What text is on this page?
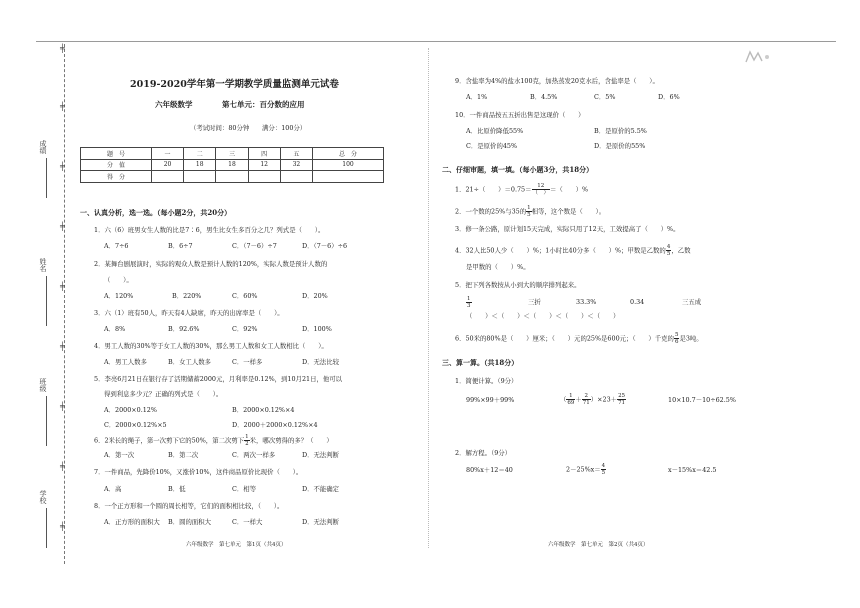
成绩
姓名
班级
学校
╪
╪
╪
╪
╪
╪
╪
╪
╪
2019-2020学年第一学期教学质量监测单元试卷
六年级数学	第七单元：百分数的应用
（考试时间：80分钟　　满分：100分）
题　号	一	二	三	四	五	总　分
分　值	20	18	18	12	32	100
得　分						
一、认真分析，选一选。（每小题2分，共20分）
1．六（6）班男女生人数的比是7∶6，男生比女生多百分之几？列式是（　　）。
A．7÷6	B．6÷7	C．（7－6）÷7	D．（7－6）÷6
2．某舞台剧展演时，实际的观众人数是预计人数的120%，实际人数是预计人数的
（　　）。
A．120%	B．220%	C．60%	D．20%
3．六（1）班有50人，昨天有4人缺席，昨天的出席率是（　　）。
A．8%	B．92.6%	C．92%	D．100%
4．男工人数的30%等于女工人数的30%，那么男工人数和女工人数相比（　　）。
A．男工人数多	B．女工人数多	C．一样多	D．无法比较
5．李亮6月21日在银行存了活期储蓄2000元，月利率是0.12%，到10月21日，他可以
得到利息多少元？正确的列式是（　　）。
A．2000×0.12%	B．2000×0.12%×4
C．2000×0.12%×5	D．2000＋2000×0.12%×4
6．2米长的绳子，第一次剪下它的50%，第二次剪下 $\frac{1}{2}$ 米，哪次剪得的多？（　　）
A．第一次	B．第二次	C．两次一样多	D．无法判断
7．一件商品，先降价10%，又涨价10%，这件商品原价比现价（　　）。
A．高	B．低	C．相等	D．不能确定
8．一个正方形和一个圆的周长相等，它们的面积相比较，（　　）。
A．正方形的面积大 B．圆的面积大	C．一样大	D．无法判断
六年级数学　第七单元　第1页（共4页）
9．含盐率为4%的盐水100克，加热蒸发20克水后，含盐率是（　　）。
A．1%	B．4.5%	C．5%	D．6%
10．一件商品按五五折出售是这现价（　　）
A．比原价降低55%	B．是原价的5.5%
C．是原价的45%	D．是原价的55%
二、仔细审题，填一填。（每小题3分，共18分）
1．21÷（　　）$=0.75= \frac{12}{( )}$ ＝（　　）%
2．一个数的25%与35的 $\frac{1}{5}$ 相等，这个数是（　　）。
3．修一条公路，原计划15天完成，实际只用了12天，工效提高了（　　）%。
4．32人比50人少（　　）%；1小时比40分多（　　）%；甲数是乙数的 $\frac{4}{5}$ ，乙数
是甲数的（　　）%。
5．把下列各数按从小到大的顺序排列起来。
$\frac{1}{3}$	三折	33.3%	0.34	三五成
（　　）＜（　　）＜（　　）＜（　　）＜（　　）
6．50米的80%是（　　）厘米；（　　）元的25%是600元；（　　）千克的 $\frac{5}{6}$ 是3吨。
三、算一算。（共18分）
1．简便计算。（9分）
99%×99＋99%	（ $\frac{1}{69} + \frac{2}{71} )\times 23+ \frac{25}{71}$	10×10.7－10÷62.5%
2．解方程。（9分）
80%x＋12＝40	$2-25\%x= \frac{4}{5}$	x－15%x＝42.5
六年级数学　第七单元　第2页（共4页）
